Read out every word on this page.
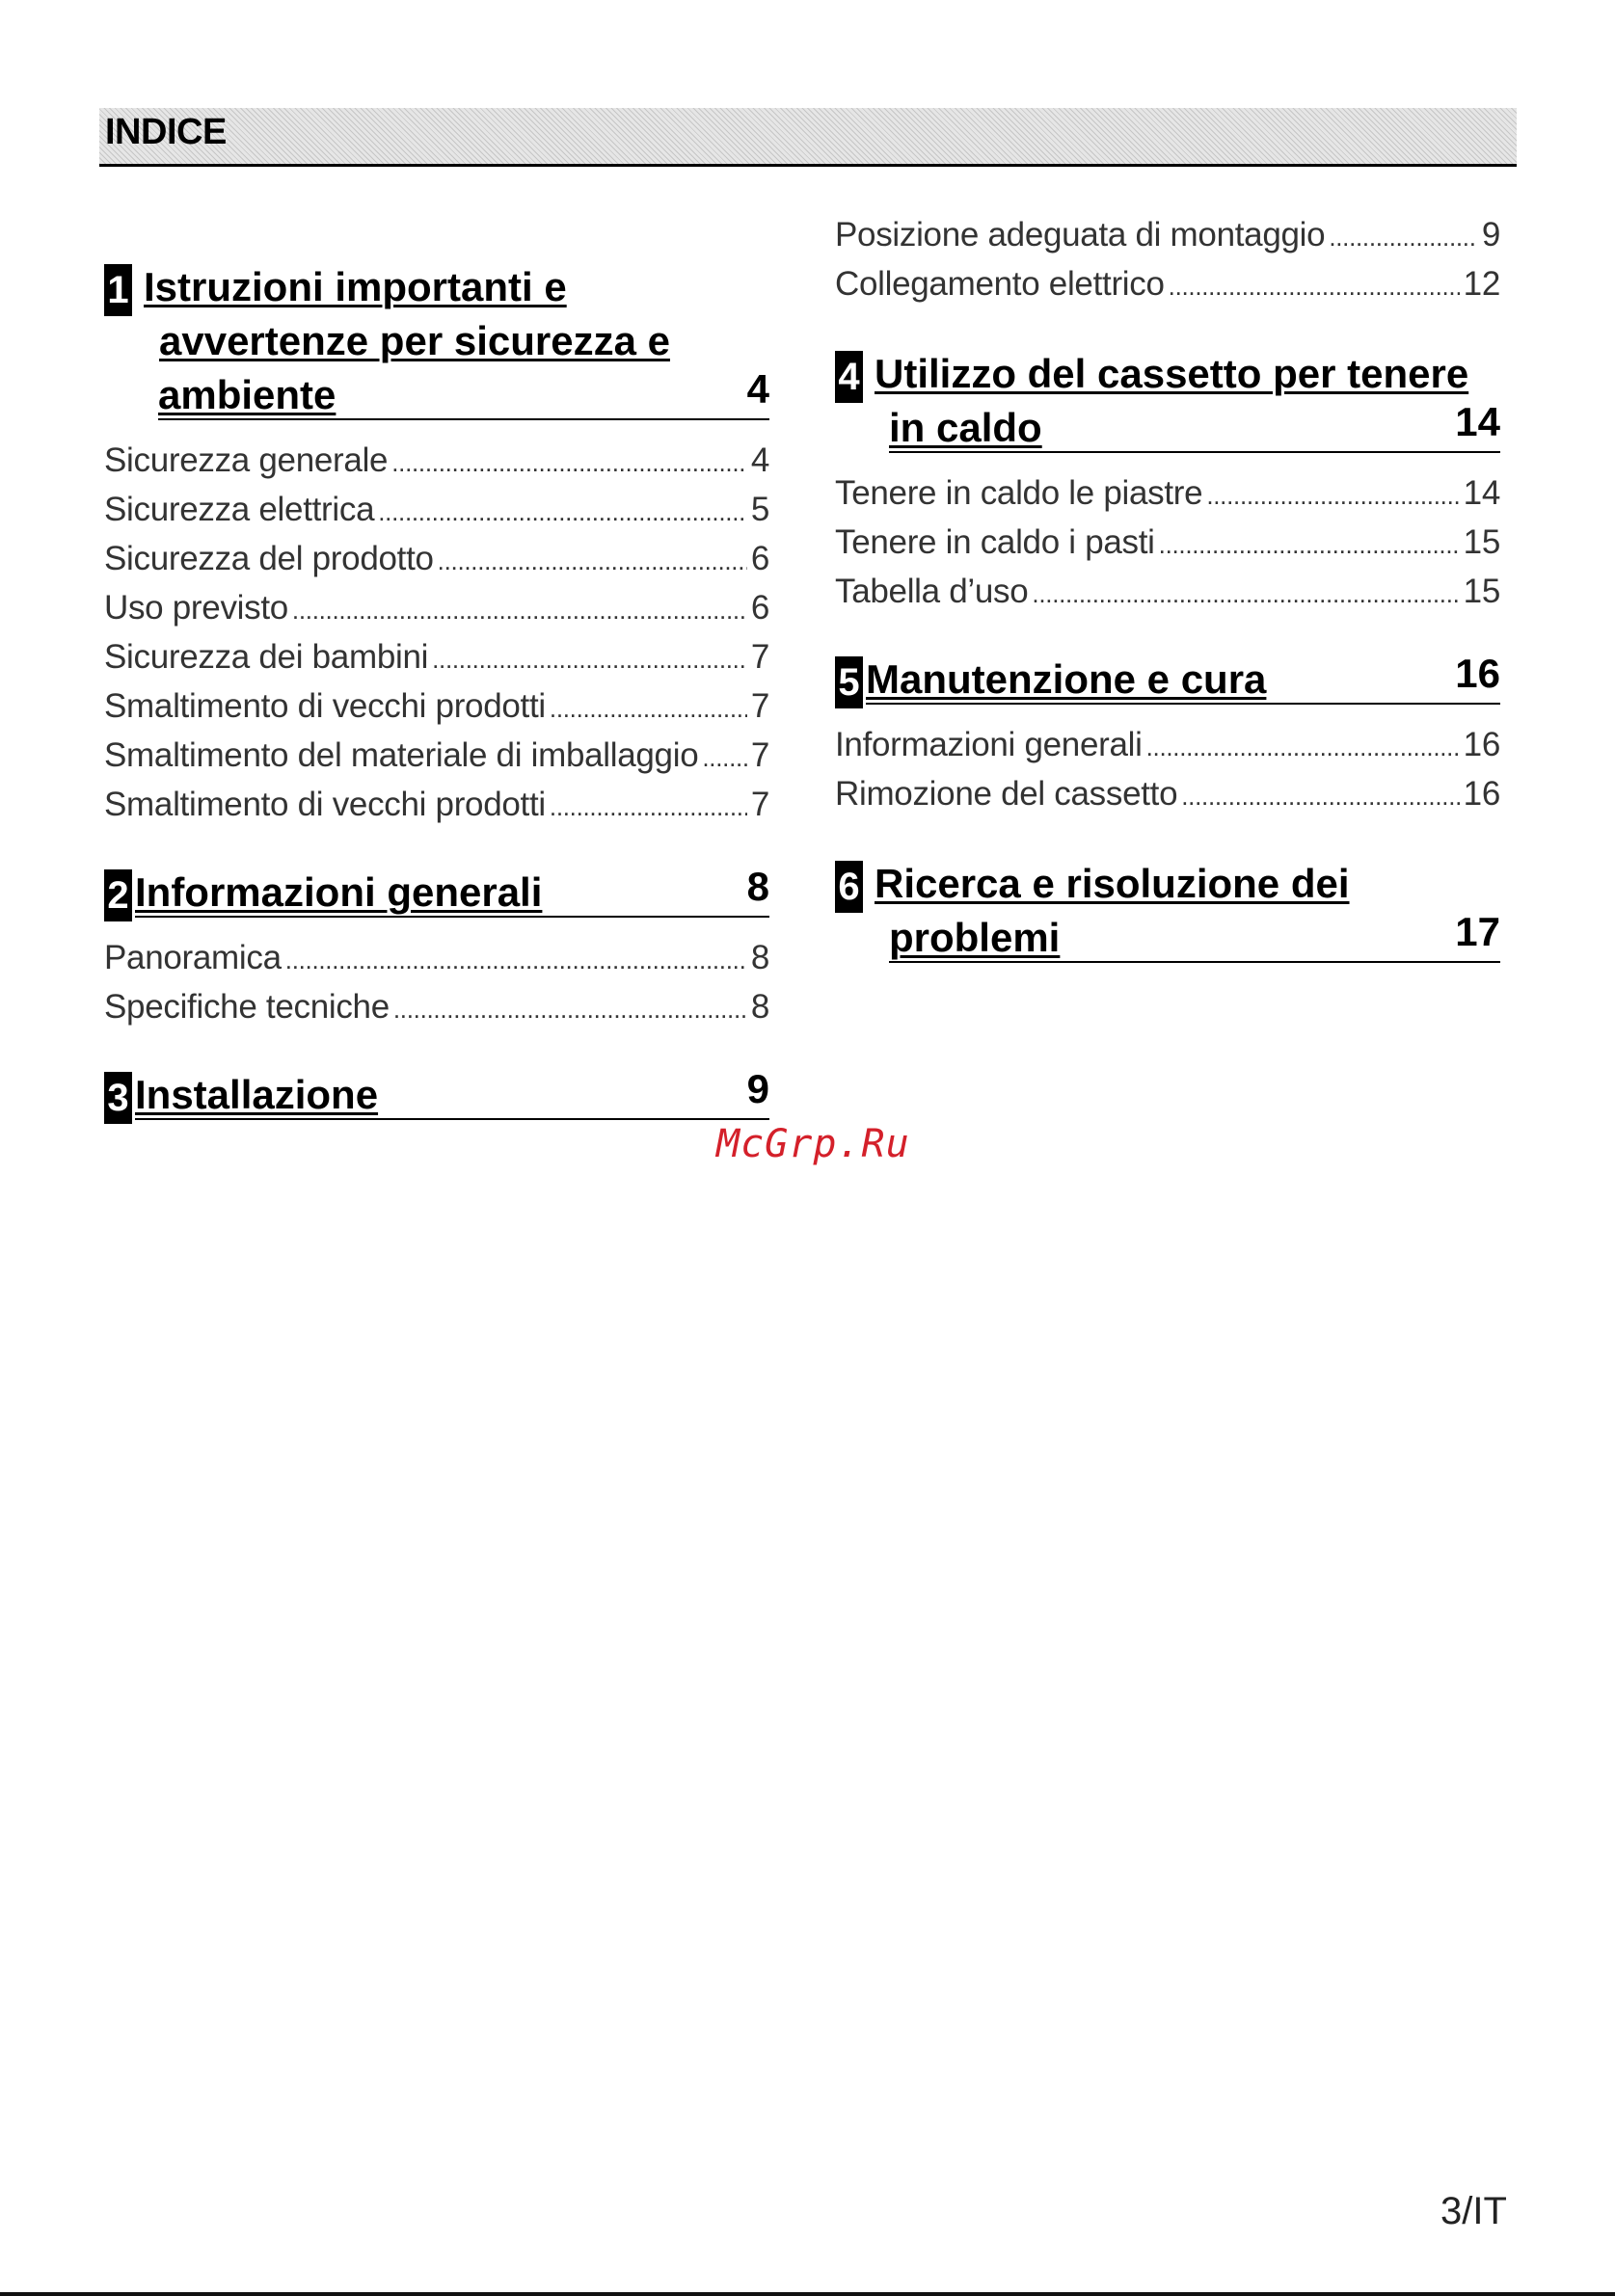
INDICE
1 Istruzioni importanti e
avvertenze per sicurezza e
ambiente	4
Sicurezza generale .....	4
Sicurezza elettrica .....	5
Sicurezza del prodotto .....	6
Uso previsto .....	6
Sicurezza dei bambini .....	7
Smaltimento di vecchi prodotti .....	7
Smaltimento del materiale di imballaggio ..... 7
Smaltimento di vecchi prodotti .....	7
2 Informazioni generali	8
Panoramica .....	8
Specifiche tecniche .....	8
3 Installazione	9
Posizione adeguata di montaggio .....	9
Collegamento elettrico .....	12
4 Utilizzo del cassetto per tenere
in caldo	14
Tenere in caldo le piastre .....	14
Tenere in caldo i pasti .....	15
Tabella d’uso .....	15
5 Manutenzione e cura	16
Informazioni generali .....	16
Rimozione del cassetto .....	16
6 Ricerca e risoluzione dei
problemi	17
McGrp.Ru
3/IT
